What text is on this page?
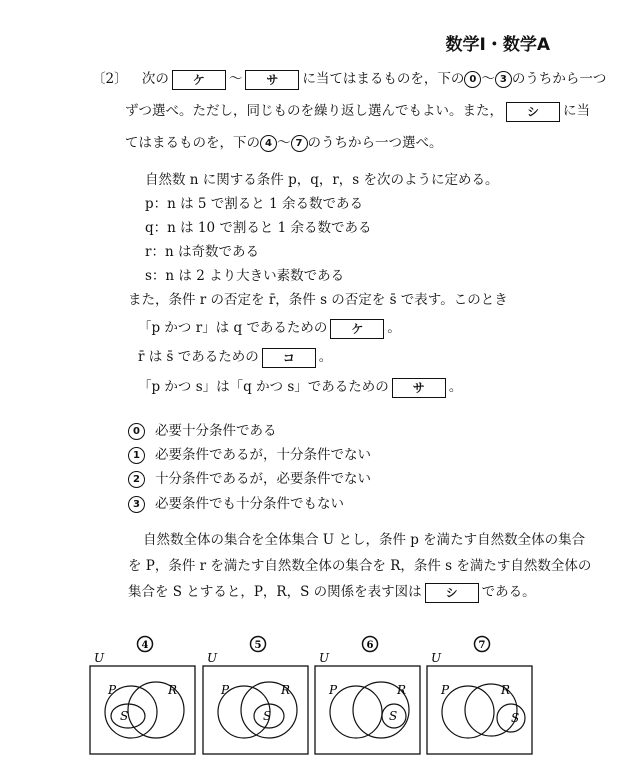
数学Ⅰ・数学A
〔2〕 次の ケ 〜 サ に当てはまるものを，下の 0 〜 3 のうちから一つ
ずつ選べ。ただし，同じものを繰り返し選んでもよい。また， シ に当
てはまるものを，下の 4 〜 7 のうちから一つ選べ。
自然数 n に関する条件 p，q，r，s を次のように定める。
p：n は 5 で割ると 1 余る数である
q：n は 10 で割ると 1 余る数である
r：n は奇数である
s：n は 2 より大きい素数である
また，条件 r の否定を r̄，条件 s の否定を s̄ で表す。このとき
「p かつ r」は q であるための ケ 。
r̄ は s̄ であるための コ 。
「p かつ s」は「q かつ s」であるための サ 。
0 必要十分条件である
1 必要条件であるが，十分条件でない
2 十分条件であるが，必要条件でない
3 必要条件でも十分条件でもない
自然数全体の集合を全体集合 U とし，条件 p を満たす自然数全体の集合
を P，条件 r を満たす自然数全体の集合を R，条件 s を満たす自然数全体の
集合を S とすると，P，R，S の関係を表す図は シ である。
4
U
P	R
S
5
U
P	R
S
6
U
P	R
S
7
U
P	R
S
